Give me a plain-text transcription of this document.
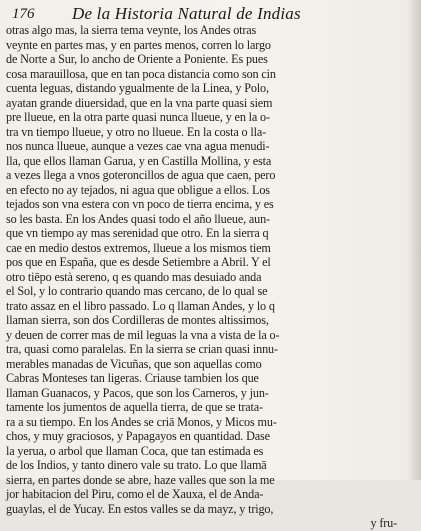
176 De la Historia Natural de Indias
otras algo mas, la sierra tema veynte, los Andes otras
veynte en partes mas, y en partes menos, corren lo largo
de Norte a Sur, lo ancho de Oriente a Poniente. Es pues
cosa marauillosa, que en tan poca distancia como son cin
cuenta leguas, distando ygualmente de la Linea, y Polo,
ayatan grande diuersidad, que en la vna parte quasi siem
pre llueue, en la otra parte quasi nunca llueue, y en la o-
tra vn tiempo llueue, y otro no llueue. En la costa o lla-
nos nunca llueue, aunque a vezes cae vna agua menudi-
lla, que ellos llaman Garua, y en Castilla Mollina, y esta
a vezes llega a vnos goteroncillos de agua que caen, pero
en efecto no ay tejados, ni agua que obligue a ellos. Los
tejados son vna estera con vn poco de tierra encima, y es
so les basta. En los Andes quasi todo el año llueue, aun-
que vn tiempo ay mas serenidad que otro. En la sierra q
cae en medio destos extremos, llueue a los mismos tiem
pos que en España, que es desde Setiembre a Abril. Y el
otro tiēpo està sereno, q es quando mas desuiado anda
el Sol, y lo contrario quando mas cercano, de lo qual se
trato assaz en el libro passado. Lo q llaman Andes, y lo q
llaman sierra, son dos Cordilleras de montes altissimos,
y deuen de correr mas de mil leguas la vna a vista de la o-
tra, quasi como paralelas. En la sierra se crian quasi innu-
merables manadas de Vicuñas, que son aquellas como
Cabras Monteses tan ligeras. Criause tambien los que
llaman Guanacos, y Pacos, que son los Carneros, y jun-
tamente los jumentos de aquella tierra, de que se trata-
ra a su tiempo. En los Andes se criā Monos, y Micos mu-
chos, y muy graciosos, y Papagayos en quantidad. Dase
la yerua, o arbol que llaman Coca, que tan estimada es
de los Indios, y tanto dinero vale su trato. Lo que llamā
sierra, en partes donde se abre, haze valles que son la me
jor habitacion del Piru, como el de Xauxa, el de Anda-
guaylas, el de Yucay. En estos valles se da mayz, y trigo,
y fru-
